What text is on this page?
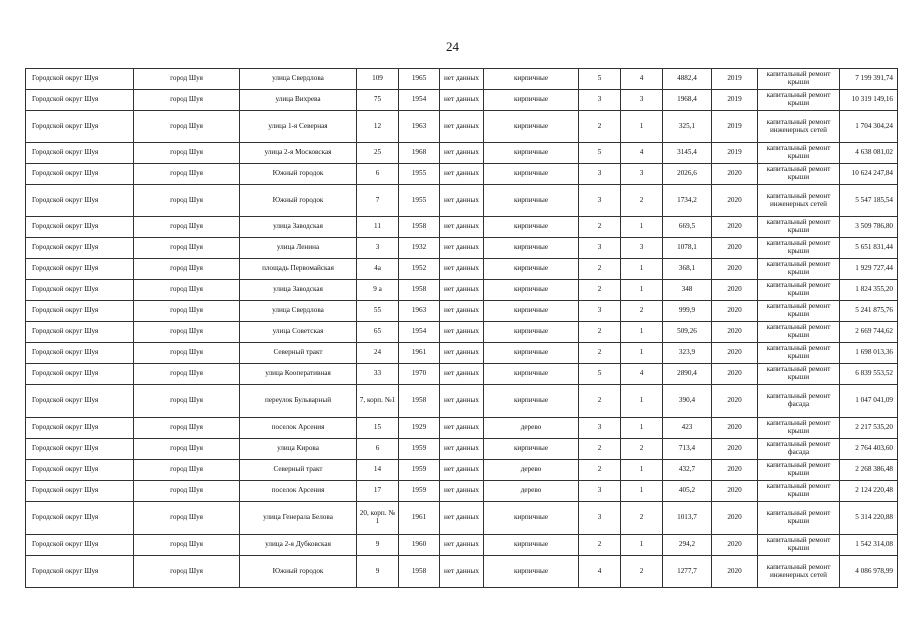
24
Городской округ Шуя	город Шуя	улица Свердлова	109	1965	нет данных	кирпичные	5	4	4882,4	2019	капитальный ремонт крыши	7 199 391,74
Городской округ Шуя	город Шуя	улица Вихрева	75	1954	нет данных	кирпичные	3	3	1968,4	2019	капитальный ремонт крыши	10 319 149,16
Городской округ Шуя	город Шуя	улица 1-я Северная	12	1963	нет данных	кирпичные	2	1	325,1	2019	капитальный ремонт инженерных сетей	1 704 304,24
Городской округ Шуя	город Шуя	улица 2-я Московская	25	1968	нет данных	кирпичные	5	4	3145,4	2019	капитальный ремонт крыши	4 638 081,02
Городской округ Шуя	город Шуя	Южный городок	6	1955	нет данных	кирпичные	3	3	2026,6	2020	капитальный ремонт крыши	10 624 247,84
Городской округ Шуя	город Шуя	Южный городок	7	1955	нет данных	кирпичные	3	2	1734,2	2020	капитальный ремонт инженерных сетей	5 547 185,54
Городской округ Шуя	город Шуя	улица Заводская	11	1958	нет данных	кирпичные	2	1	669,5	2020	капитальный ремонт крыши	3 509 786,80
Городской округ Шуя	город Шуя	улица Ленина	3	1932	нет данных	кирпичные	3	3	1078,1	2020	капитальный ремонт крыши	5 651 831,44
Городской округ Шуя	город Шуя	площадь Первомайская	4а	1952	нет данных	кирпичные	2	1	368,1	2020	капитальный ремонт крыши	1 929 727,44
Городской округ Шуя	город Шуя	улица Заводская	9 а	1958	нет данных	кирпичные	2	1	348	2020	капитальный ремонт крыши	1 824 355,20
Городской округ Шуя	город Шуя	улица Свердлова	55	1963	нет данных	кирпичные	3	2	999,9	2020	капитальный ремонт крыши	5 241 875,76
Городской округ Шуя	город Шуя	улица Советская	65	1954	нет данных	кирпичные	2	1	509,26	2020	капитальный ремонт крыши	2 669 744,62
Городской округ Шуя	город Шуя	Северный тракт	24	1961	нет данных	кирпичные	2	1	323,9	2020	капитальный ремонт крыши	1 698 013,36
Городской округ Шуя	город Шуя	улица Кооперативная	33	1970	нет данных	кирпичные	5	4	2890,4	2020	капитальный ремонт крыши	6 839 553,52
Городской округ Шуя	город Шуя	переулок Бульварный	7, корп. №1	1958	нет данных	кирпичные	2	1	390,4	2020	капитальный ремонт фасада	1 047 041,09
Городской округ Шуя	город Шуя	поселок Арсения	15	1929	нет данных	дерево	3	1	423	2020	капитальный ремонт крыши	2 217 535,20
Городской округ Шуя	город Шуя	улица Кирова	6	1959	нет данных	кирпичные	2	2	713,4	2020	капитальный ремонт фасада	2 764 403,60
Городской округ Шуя	город Шуя	Северный тракт	14	1959	нет данных	дерево	2	1	432,7	2020	капитальный ремонт крыши	2 268 386,48
Городской округ Шуя	город Шуя	поселок Арсения	17	1959	нет данных	дерево	3	1	405,2	2020	капитальный ремонт крыши	2 124 220,48
Городской округ Шуя	город Шуя	улица Генерала Белова	20, корп. № 1	1961	нет данных	кирпичные	3	2	1013,7	2020	капитальный ремонт крыши	5 314 220,88
Городской округ Шуя	город Шуя	улица 2-я Дубковская	9	1960	нет данных	кирпичные	2	1	294,2	2020	капитальный ремонт крыши	1 542 314,08
Городской округ Шуя	город Шуя	Южный городок	9	1958	нет данных	кирпичные	4	2	1277,7	2020	капитальный ремонт инженерных сетей	4 086 978,99
